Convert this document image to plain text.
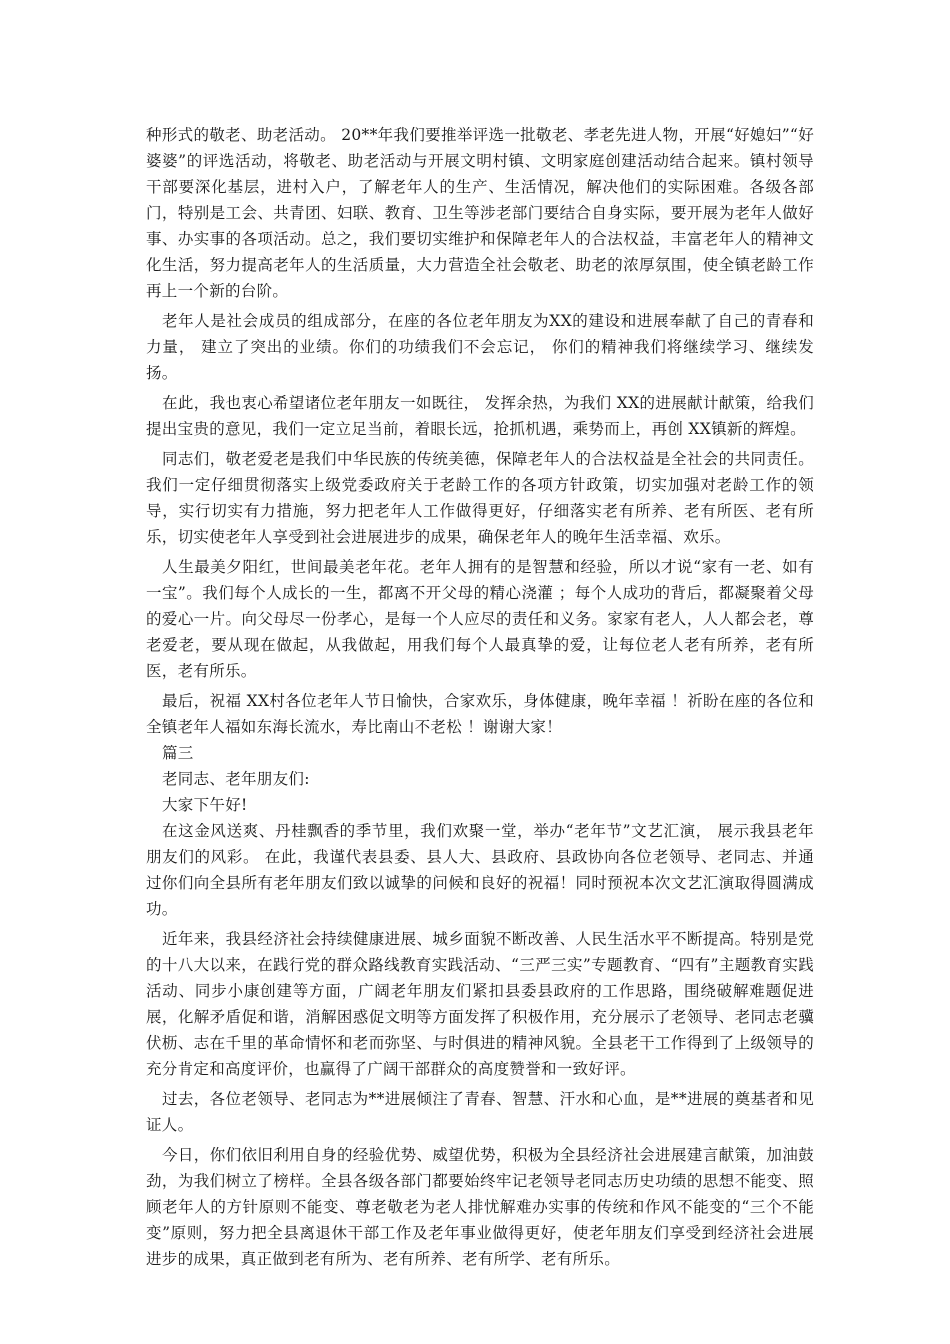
种形式的敬老、助老活动。 20**年我们要推举评选一批敬老、孝老先进人物，开展“好媳妇”“好婆婆”的评选活动，将敬老、助老活动与开展文明村镇、文明家庭创建活动结合起来。镇村领导干部要深化基层，进村入户，了解老年人的生产、生活情况，解决他们的实际困难。各级各部门，特别是工会、共青团、妇联、教育、卫生等涉老部门要结合自身实际，要开展为老年人做好事、办实事的各项活动。总之，我们要切实维护和保障老年人的合法权益，丰富老年人的精神文化生活，努力提高老年人的生活质量，大力营造全社会敬老、助老的浓厚氛围，使全镇老龄工作再上一个新的台阶。

老年人是社会成员的组成部分，在座的各位老年朋友为XX的建设和进展奉献了自己的青春和力量， 建立了突出的业绩。你们的功绩我们不会忘记， 你们的精神我们将继续学习、继续发扬。

在此，我也衷心希望诸位老年朋友一如既往， 发挥余热，为我们 XX的进展献计献策，给我们提出宝贵的意见，我们一定立足当前，着眼长远，抢抓机遇，乘势而上，再创 XX镇新的辉煌。

同志们，敬老爱老是我们中华民族的传统美德，保障老年人的合法权益是全社会的共同责任。我们一定仔细贯彻落实上级党委政府关于老龄工作的各项方针政策，切实加强对老龄工作的领导，实行切实有力措施，努力把老年人工作做得更好，仔细落实老有所养、老有所医、老有所乐，切实使老年人享受到社会进展进步的成果，确保老年人的晚年生活幸福、欢乐。

人生最美夕阳红，世间最美老年花。老年人拥有的是智慧和经验，所以才说“家有一老、如有一宝”。我们每个人成长的一生，都离不开父母的精心浇灌 ；每个人成功的背后，都凝聚着父母的爱心一片。向父母尽一份孝心，是每一个人应尽的责任和义务。家家有老人，人人都会老，尊老爱老，要从现在做起，从我做起，用我们每个人最真挚的爱，让每位老人老有所养，老有所医，老有所乐。

最后，祝福 XX村各位老年人节日愉快，合家欢乐，身体健康，晚年幸福 ！祈盼在座的各位和全镇老年人福如东海长流水，寿比南山不老松 ！谢谢大家！

篇三

老同志、老年朋友们:

大家下午好!

在这金风送爽、丹桂飘香的季节里，我们欢聚一堂，举办“老年节”文艺汇演， 展示我县老年朋友们的风彩。 在此，我谨代表县委、县人大、县政府、县政协向各位老领导、老同志、并通过你们向全县所有老年朋友们致以诚挚的问候和良好的祝福！同时预祝本次文艺汇演取得圆满成功。

近年来，我县经济社会持续健康进展、城乡面貌不断改善、人民生活水平不断提高。特别是党的十八大以来，在践行党的群众路线教育实践活动、“三严三实”专题教育、“四有”主题教育实践活动、同步小康创建等方面，广阔老年朋友们紧扣县委县政府的工作思路，围绕破解难题促进展，化解矛盾促和谐，消解困惑促文明等方面发挥了积极作用，充分展示了老领导、老同志老骥伏枥、志在千里的革命情怀和老而弥坚、与时俱进的精神风貌。全县老干工作得到了上级领导的充分肯定和高度评价，也赢得了广阔干部群众的高度赞誉和一致好评。

过去，各位老领导、老同志为**进展倾注了青春、智慧、汗水和心血，是**进展的奠基者和见证人。

今日，你们依旧利用自身的经验优势、威望优势，积极为全县经济社会进展建言献策，加油鼓劲，为我们树立了榜样。全县各级各部门都要始终牢记老领导老同志历史功绩的思想不能变、照顾老年人的方针原则不能变、尊老敬老为老人排忧解难办实事的传统和作风不能变的“三个不能变”原则，努力把全县离退休干部工作及老年事业做得更好，使老年朋友们享受到经济社会进展进步的成果，真正做到老有所为、老有所养、老有所学、老有所乐。
